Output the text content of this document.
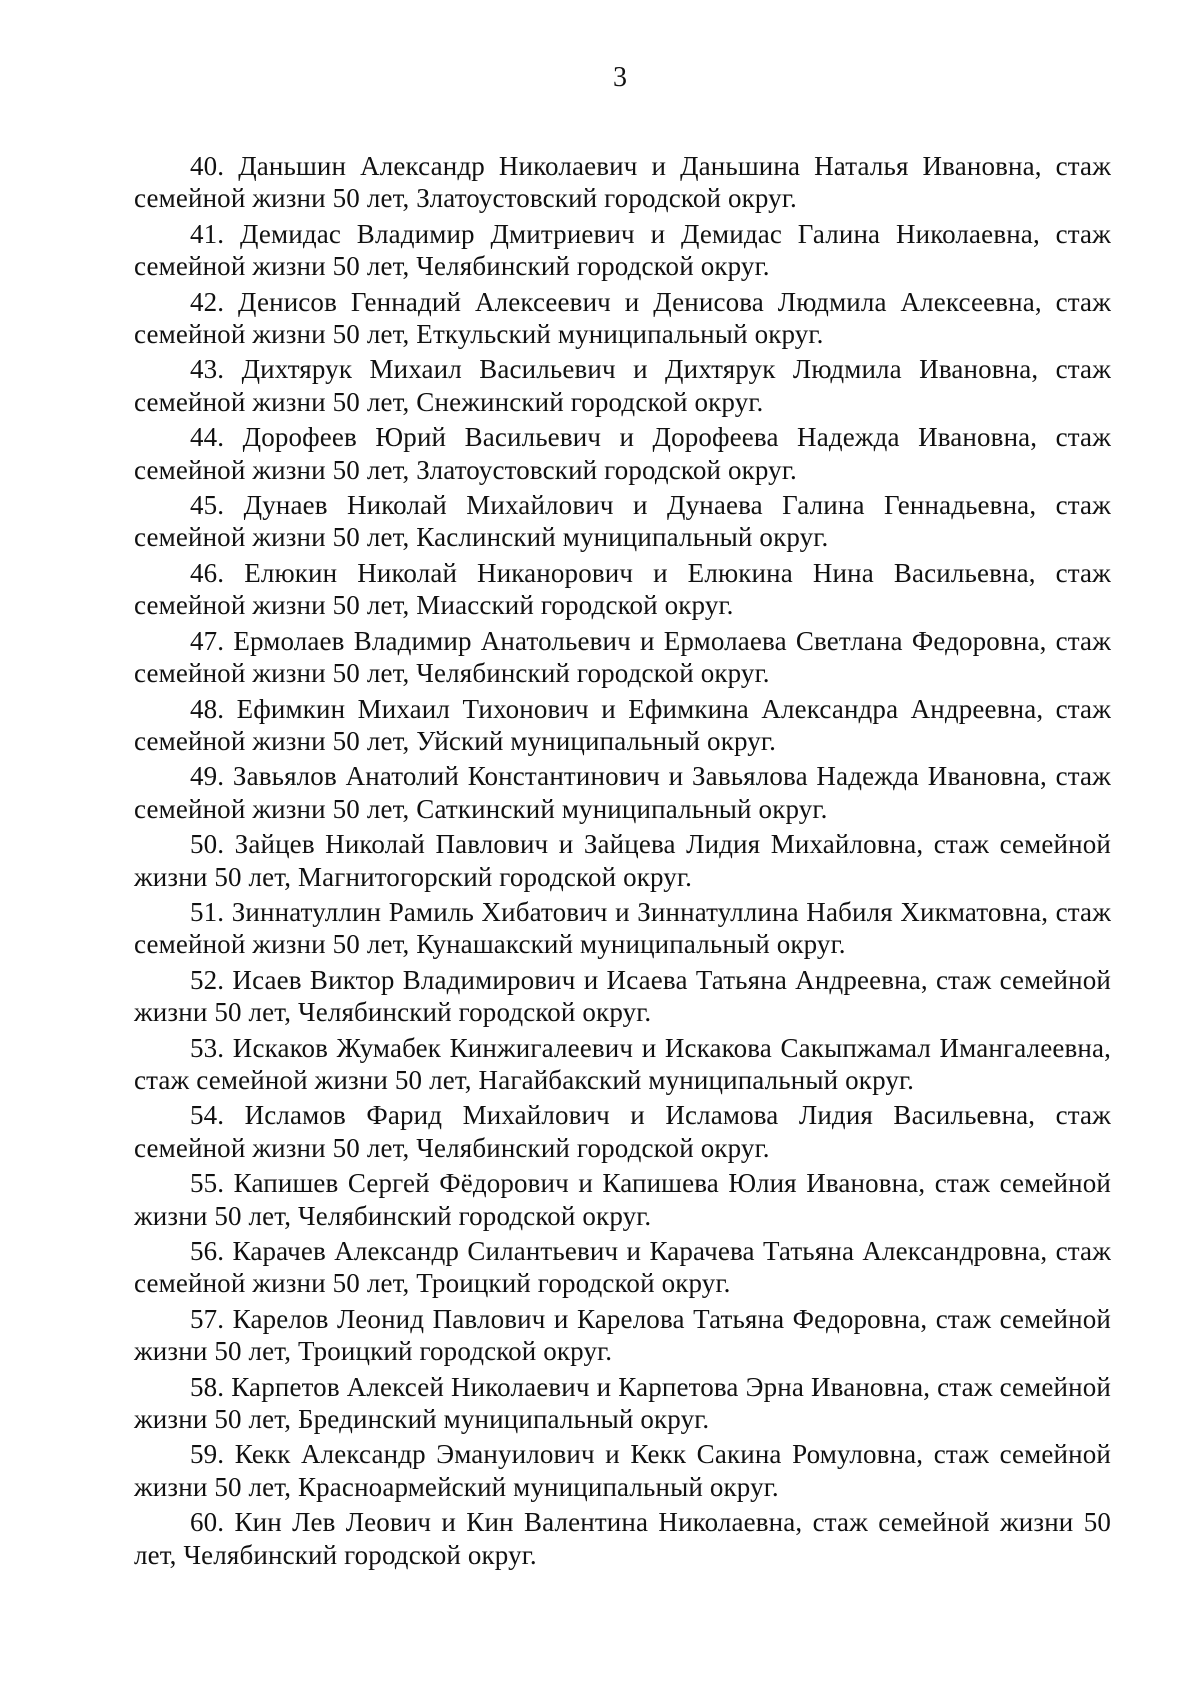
3

40. Даньшин Александр Николаевич и Даньшина Наталья Ивановна, стаж семейной жизни 50 лет, Златоустовский городской округ.

41. Демидас Владимир Дмитриевич и Демидас Галина Николаевна, стаж семейной жизни 50 лет, Челябинский городской округ.

42. Денисов Геннадий Алексеевич и Денисова Людмила Алексеевна, стаж семейной жизни 50 лет, Еткульский муниципальный округ.

43. Дихтярук Михаил Васильевич и Дихтярук Людмила Ивановна, стаж семейной жизни 50 лет, Снежинский городской округ.

44. Дорофеев Юрий Васильевич и Дорофеева Надежда Ивановна, стаж семейной жизни 50 лет, Златоустовский городской округ.

45. Дунаев Николай Михайлович и Дунаева Галина Геннадьевна, стаж семейной жизни 50 лет, Каслинский муниципальный округ.

46. Елюкин Николай Никанорович и Елюкина Нина Васильевна, стаж семейной жизни 50 лет, Миасский городской округ.

47. Ермолаев Владимир Анатольевич и Ермолаева Светлана Федоровна, стаж семейной жизни 50 лет, Челябинский городской округ.

48. Ефимкин Михаил Тихонович и Ефимкина Александра Андреевна, стаж семейной жизни 50 лет, Уйский муниципальный округ.

49. Завьялов Анатолий Константинович и Завьялова Надежда Ивановна, стаж семейной жизни 50 лет, Саткинский муниципальный округ.

50. Зайцев Николай Павлович и Зайцева Лидия Михайловна, стаж семейной жизни 50 лет, Магнитогорский городской округ.

51. Зиннатуллин Рамиль Хибатович и Зиннатуллина Набиля Хикматовна, стаж семейной жизни 50 лет, Кунашакский муниципальный округ.

52. Исаев Виктор Владимирович и Исаева Татьяна Андреевна, стаж семейной жизни 50 лет, Челябинский городской округ.

53. Искаков Жумабек Кинжигалеевич и Искакова Сакыпжамал Имангалеевна, стаж семейной жизни 50 лет, Нагайбакский муниципальный округ.

54. Исламов Фарид Михайлович и Исламова Лидия Васильевна, стаж семейной жизни 50 лет, Челябинский городской округ.

55. Капишев Сергей Фёдорович и Капишева Юлия Ивановна, стаж семейной жизни 50 лет, Челябинский городской округ.

56. Карачев Александр Силантьевич и Карачева Татьяна Александровна, стаж семейной жизни 50 лет, Троицкий городской округ.

57. Карелов Леонид Павлович и Карелова Татьяна Федоровна, стаж семейной жизни 50 лет, Троицкий городской округ.

58. Карпетов Алексей Николаевич и Карпетова Эрна Ивановна, стаж семейной жизни 50 лет, Брединский муниципальный округ.

59. Кекк Александр Эмануилович и Кекк Сакина Ромуловна, стаж семейной жизни 50 лет, Красноармейский муниципальный округ.

60. Кин Лев Леович и Кин Валентина Николаевна, стаж семейной жизни 50 лет, Челябинский городской округ.
